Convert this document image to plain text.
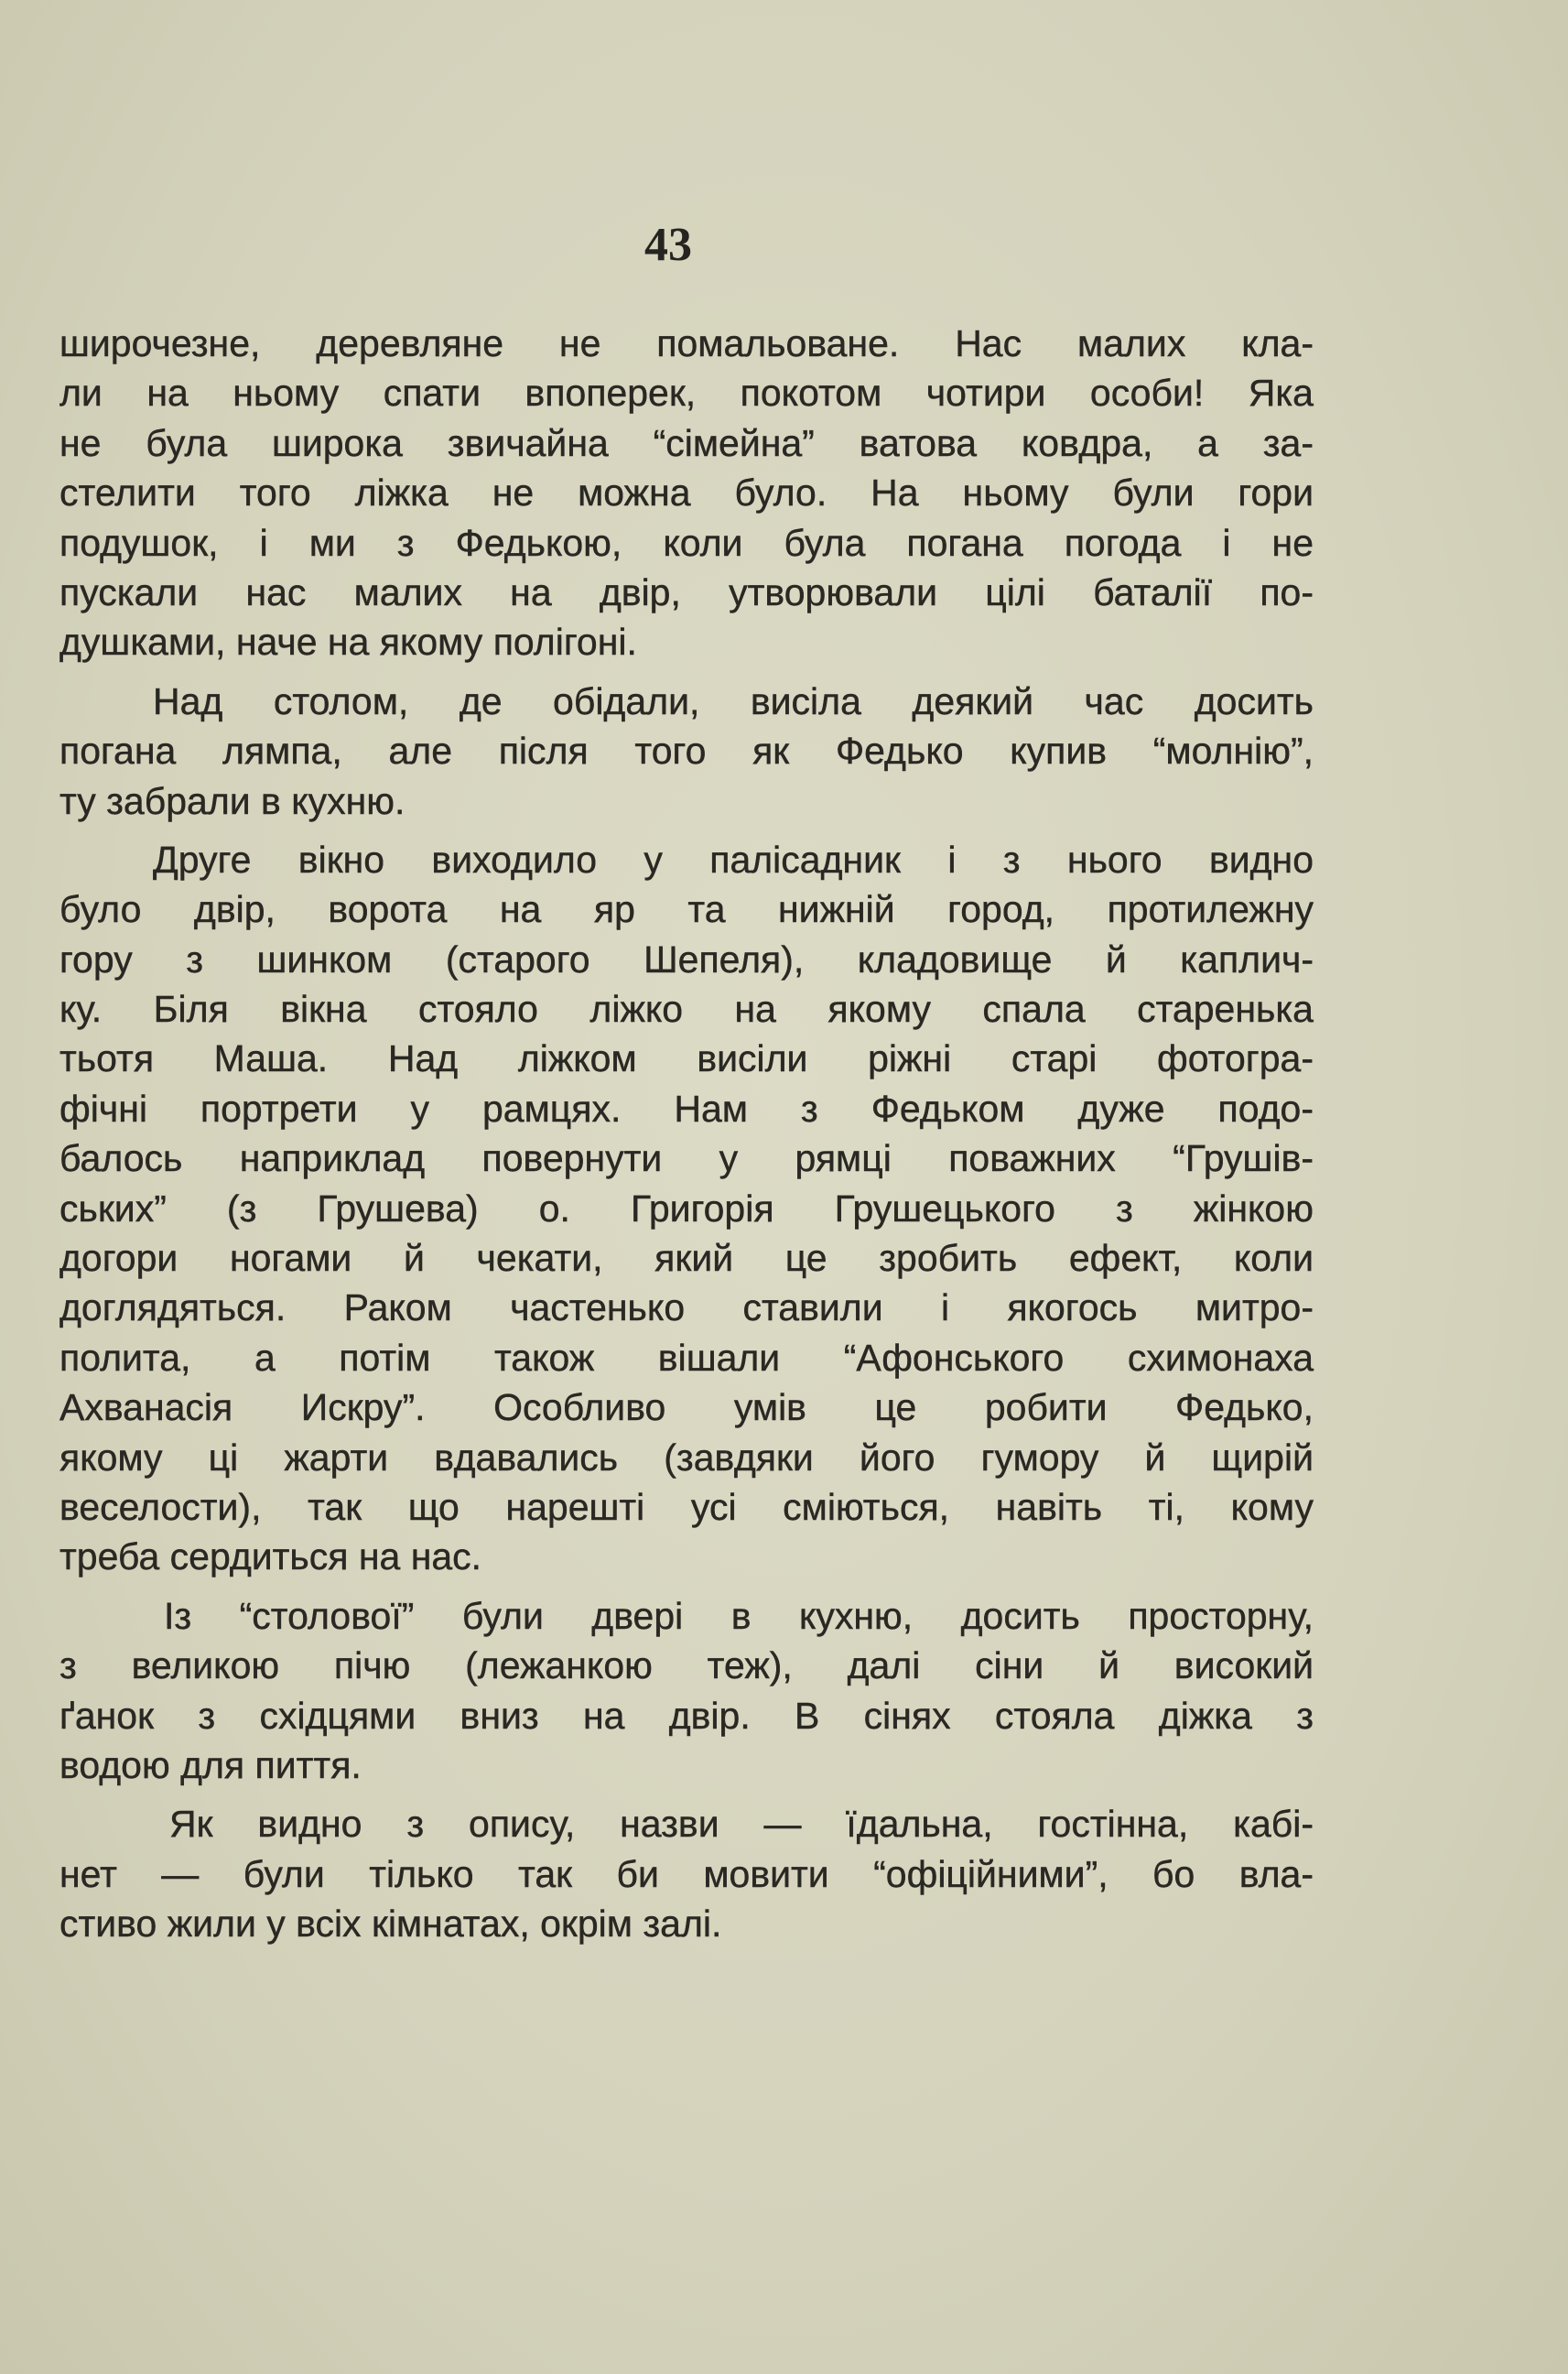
43
широчезне, деревляне не помальоване. Нас малих кла-
ли на ньому спати впоперек, покотом чотири особи! Яка
не була широка звичайна “сімейна” ватова ковдра, а за-
стелити того ліжка не можна було. На ньому були гори
подушок, і ми з Федькою, коли була погана погода і не
пускали нас малих на двір, утворювали цілі баталії по-
душками, наче на якому полігоні.
Над столом, де обідали, висіла деякий час досить
погана лямпа, але після того як Федько купив “молнію”,
ту забрали в кухню.
Друге вікно виходило у палісадник і з нього видно
було двір, ворота на яр та нижній город, протилежну
гору з шинком (старого Шепеля), кладовище й каплич-
ку. Біля вікна стояло ліжко на якому спала старенька
тьотя Маша. Над ліжком висіли ріжні старі фотогра-
фічні портрети у рамцях. Нам з Федьком дуже подо-
балось наприклад повернути у рямці поважних “Грушів-
ських” (з Грушева) о. Григорія Грушецького з жінкою
догори ногами й чекати, який це зробить ефект, коли
доглядяться. Раком частенько ставили і якогось митро-
полита, а потім також вішали “Афонського схимонаха
Ахванасія Искру”. Особливо умів це робити Федько,
якому ці жарти вдавались (завдяки його гумору й щирій
веселости), так що нарешті усі сміються, навіть ті, кому
треба сердиться на нас.
Із “столової” були двері в кухню, досить просторну,
з великою пічю (лежанкою теж), далі сіни й високий
ґанок з східцями вниз на двір. В сінях стояла діжка з
водою для пиття.
Як видно з опису, назви — їдальна, гостінна, кабі-
нет — були тілько так би мовити “офіційними”, бо вла-
стиво жили у всіх кімнатах, окрім залі.
